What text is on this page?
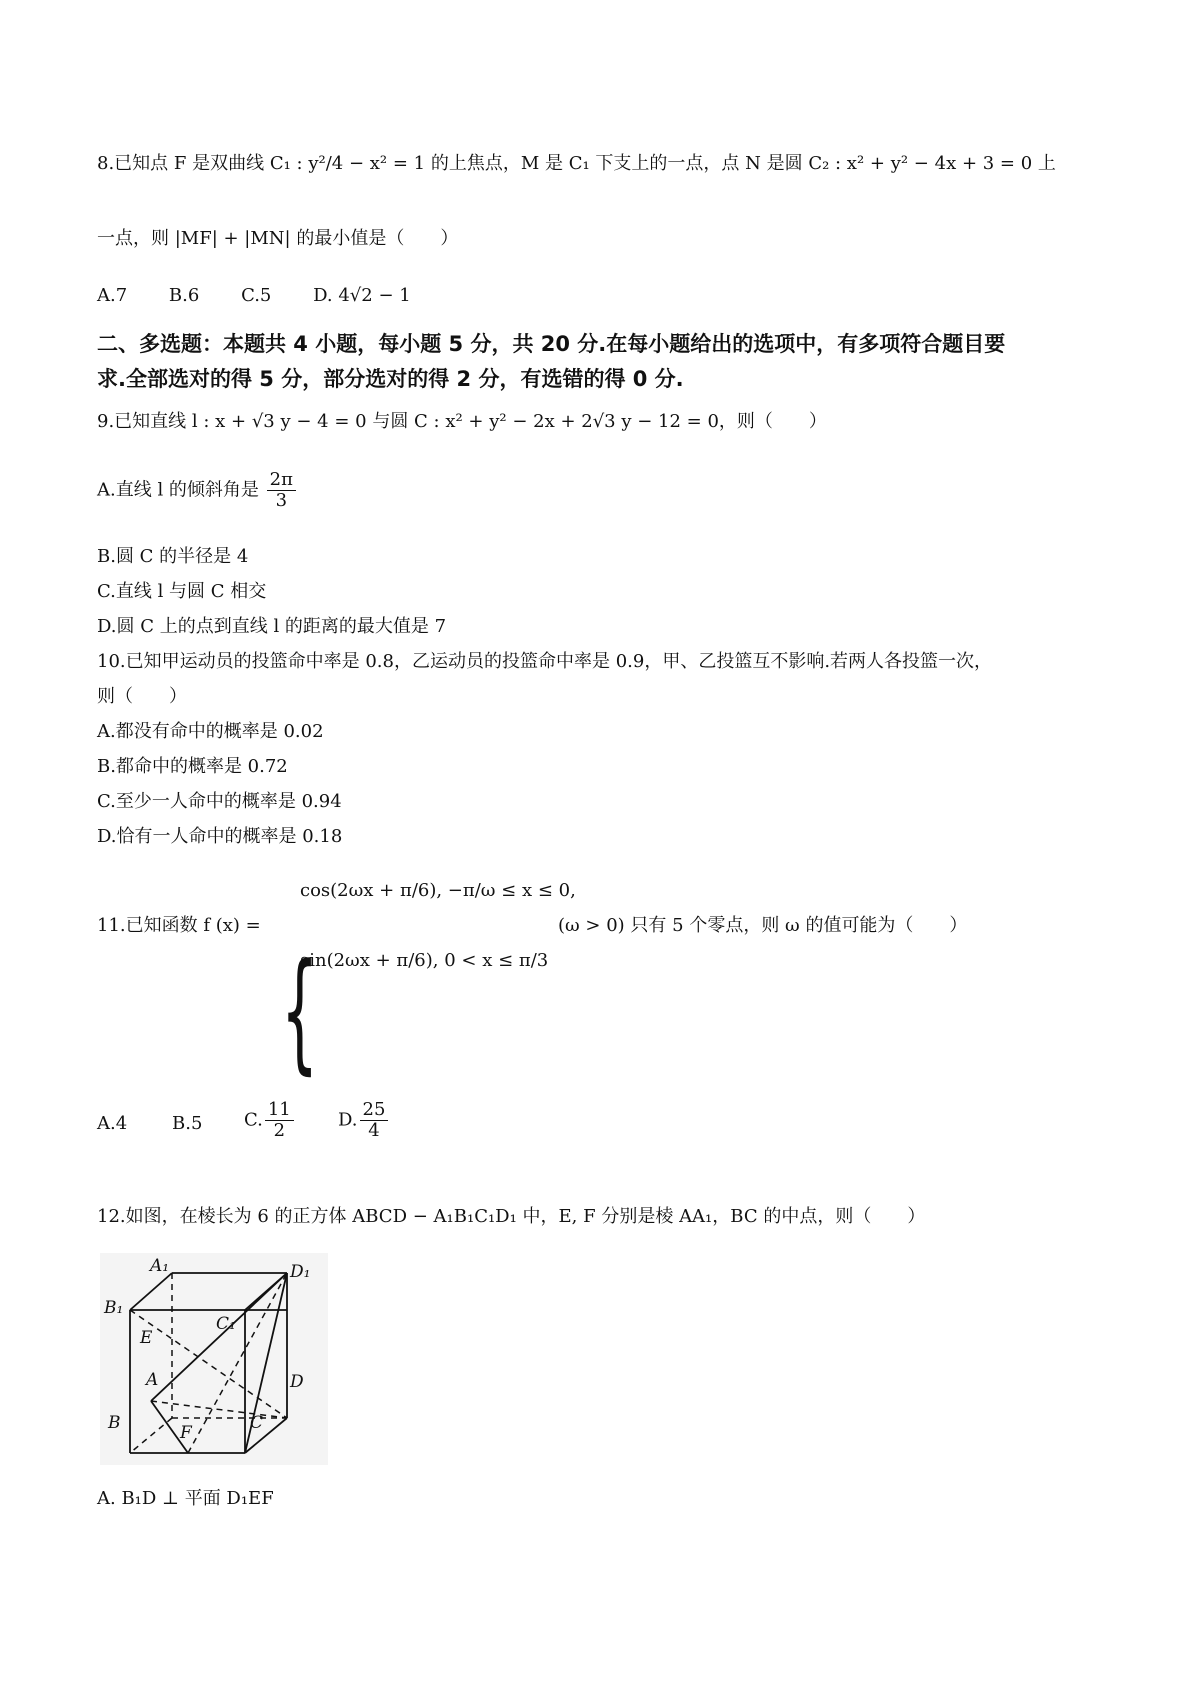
8.已知点 F 是双曲线 C₁ : y²/4 − x² = 1 的上焦点，M 是 C₁ 下支上的一点，点 N 是圆 C₂ : x² + y² − 4x + 3 = 0 上
一点，则 |MF| + |MN| 的最小值是（　　）
A.7 B.6 C.5 D. 4√2 − 1
二、多选题：本题共 4 小题，每小题 5 分，共 20 分.在每小题给出的选项中，有多项符合题目要
求.全部选对的得 5 分，部分选对的得 2 分，有选错的得 0 分.
9.已知直线 l : x + √3 y − 4 = 0 与圆 C : x² + y² − 2x + 2√3 y − 12 = 0，则（　　）
A.直线 l 的倾斜角是 $\frac{2\pi}{3}$
B.圆 C 的半径是 4
C.直线 l 与圆 C 相交
D.圆 C 上的点到直线 l 的距离的最大值是 7
10.已知甲运动员的投篮命中率是 0.8，乙运动员的投篮命中率是 0.9，甲、乙投篮互不影响.若两人各投篮一次，
则（　　）
A.都没有命中的概率是 0.02
B.都命中的概率是 0.72
C.至少一人命中的概率是 0.94
D.恰有一人命中的概率是 0.18
11.已知函数 f (x) =
{
cos(2ωx + π/6), −π/ω ≤ x ≤ 0,
sin(2ωx + π/6), 0 < x ≤ π/3
(ω > 0) 只有 5 个零点，则 ω 的值可能为（　　）
A.4 B.5 C. $\frac{11}{2} D$. $\frac{25}{4}$
12.如图，在棱长为 6 的正方体 ABCD − A₁B₁C₁D₁ 中，E, F 分别是棱 AA₁，BC 的中点，则（　　）
A₁	D₁
B₁
C₁
E
A	D
B	F	C
A. B₁D ⊥ 平面 D₁EF
